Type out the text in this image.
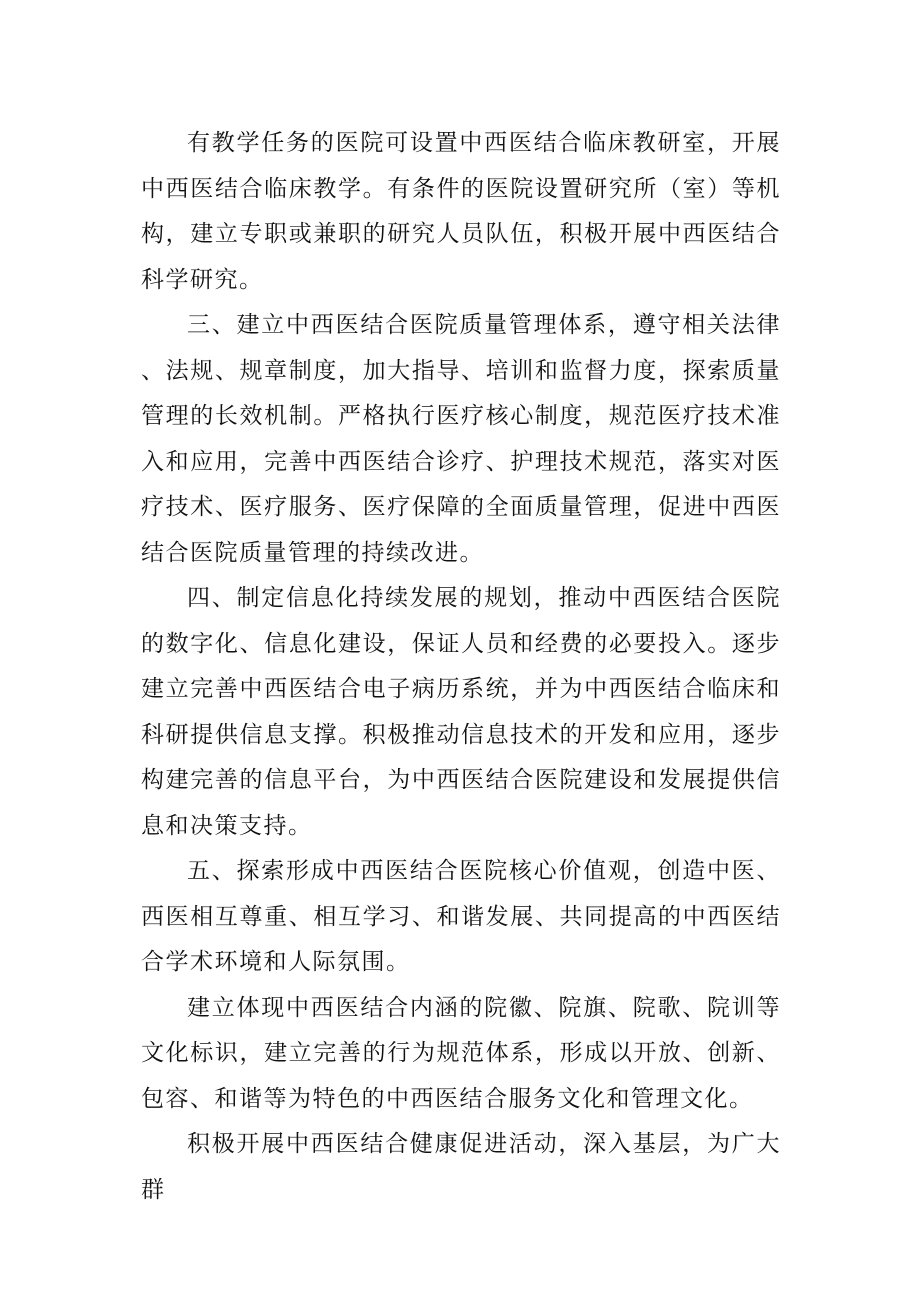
有教学任务的医院可设置中西医结合临床教研室，开展中西医结合临床教学。有条件的医院设置研究所（室）等机构，建立专职或兼职的研究人员队伍，积极开展中西医结合科学研究。

三、建立中西医结合医院质量管理体系，遵守相关法律、法规、规章制度，加大指导、培训和监督力度，探索质量管理的长效机制。严格执行医疗核心制度，规范医疗技术准入和应用，完善中西医结合诊疗、护理技术规范，落实对医疗技术、医疗服务、医疗保障的全面质量管理，促进中西医结合医院质量管理的持续改进。

四、制定信息化持续发展的规划，推动中西医结合医院的数字化、信息化建设，保证人员和经费的必要投入。逐步建立完善中西医结合电子病历系统，并为中西医结合临床和科研提供信息支撑。积极推动信息技术的开发和应用，逐步构建完善的信息平台，为中西医结合医院建设和发展提供信息和决策支持。

五、探索形成中西医结合医院核心价值观，创造中医、西医相互尊重、相互学习、和谐发展、共同提高的中西医结合学术环境和人际氛围。

建立体现中西医结合内涵的院徽、院旗、院歌、院训等文化标识，建立完善的行为规范体系，形成以开放、创新、包容、和谐等为特色的中西医结合服务文化和管理文化。

积极开展中西医结合健康促进活动，深入基层，为广大群
